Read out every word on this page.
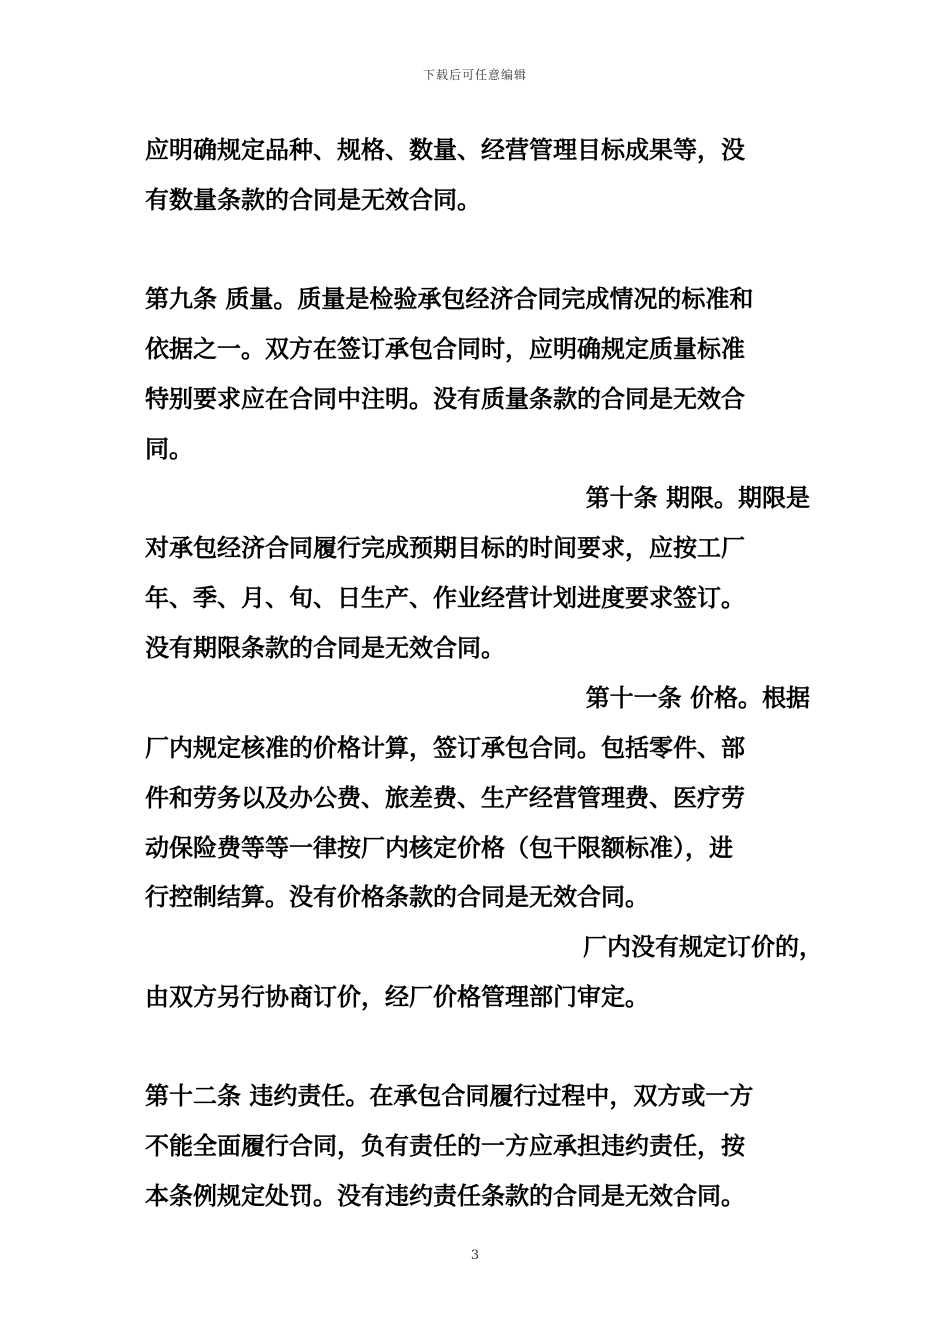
下载后可任意编辑
应明确规定品种、规格、数量、经营管理目标成果等，没
有数量条款的合同是无效合同。
第九条 质量。质量是检验承包经济合同完成情况的标准和
依据之一。双方在签订承包合同时，应明确规定质量标准
特别要求应在合同中注明。没有质量条款的合同是无效合
同。
第十条 期限。期限是
对承包经济合同履行完成预期目标的时间要求，应按工厂
年、季、月、旬、日生产、作业经营计划进度要求签订。
没有期限条款的合同是无效合同。
第十一条 价格。根据
厂内规定核准的价格计算，签订承包合同。包括零件、部
件和劳务以及办公费、旅差费、生产经营管理费、医疗劳
动保险费等等一律按厂内核定价格（包干限额标准），进
行控制结算。没有价格条款的合同是无效合同。
厂内没有规定订价的，
由双方另行协商订价，经厂价格管理部门审定。
第十二条 违约责任。在承包合同履行过程中，双方或一方
不能全面履行合同，负有责任的一方应承担违约责任，按
本条例规定处罚。没有违约责任条款的合同是无效合同。
3
